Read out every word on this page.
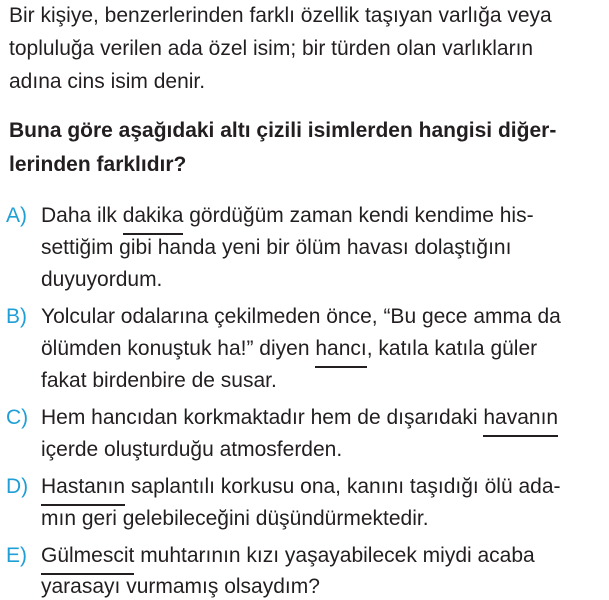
Bir kişiye, benzerlerinden farklı özellik taşıyan varlığa veya
topluluğa verilen ada özel isim; bir türden olan varlıkların
adına cins isim denir.
Buna göre aşağıdaki altı çizili isimlerden hangisi diğer-
lerinden farklıdır?
A) Daha ilk dakika gördüğüm zaman kendi kendime his-
settiğim gibi handa yeni bir ölüm havası dolaştığını
duyuyordum.
B) Yolcular odalarına çekilmeden önce, “Bu gece amma da
ölümden konuştuk ha!” diyen hancı, katıla katıla güler
fakat birdenbire de susar.
C) Hem hancıdan korkmaktadır hem de dışarıdaki havanın
içerde oluşturduğu atmosferden.
D) Hastanın saplantılı korkusu ona, kanını taşıdığı ölü ada-
mın geri gelebileceğini düşündürmektedir.
E) Gülmescit muhtarının kızı yaşayabilecek miydi acaba
yarasayı vurmamış olsaydım?
